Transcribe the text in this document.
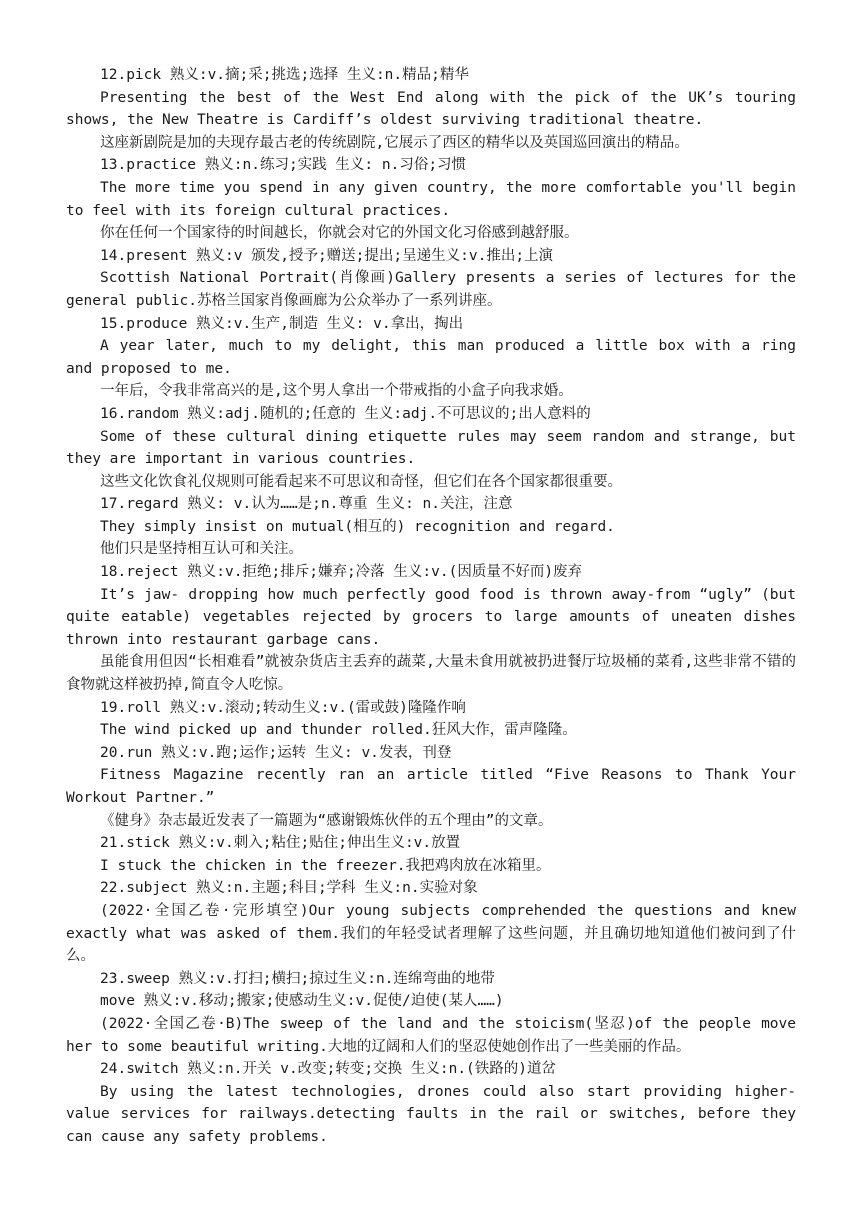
12.pick 熟义:v.摘;采;挑选;选择 生义:n.精品;精华

Presenting the best of the West End along with the pick of the UK’s touring shows, the New Theatre is Cardiff’s oldest surviving traditional theatre.

这座新剧院是加的夫现存最古老的传统剧院,它展示了西区的精华以及英国巡回演出的精品。

13.practice 熟义:n.练习;实践 生义: n.习俗;习惯

The more time you spend in any given country, the more comfortable you'll begin to feel with its foreign cultural practices.

你在任何一个国家待的时间越长，你就会对它的外国文化习俗感到越舒服。

14.present 熟义:v 颁发,授予;赠送;提出;呈递生义:v.推出;上演

Scottish National Portrait(肖像画)Gallery presents a series of lectures for the general public.苏格兰国家肖像画廊为公众举办了一系列讲座。

15.produce 熟义:v.生产,制造 生义: v.拿出，掏出

A year later, much to my delight, this man produced a little box with a ring and proposed to me.

一年后，令我非常高兴的是,这个男人拿出一个带戒指的小盒子向我求婚。

16.random 熟义:adj.随机的;任意的 生义:adj.不可思议的;出人意料的

Some of these cultural dining etiquette rules may seem random and strange, but they are important in various countries.

这些文化饮食礼仪规则可能看起来不可思议和奇怪，但它们在各个国家都很重要。

17.regard 熟义: v.认为……是;n.尊重 生义: n.关注，注意

They simply insist on mutual(相互的) recognition and regard.

他们只是坚持相互认可和关注。

18.reject 熟义:v.拒绝;排斥;嫌弃;冷落 生义:v.(因质量不好而)废弃

It’s jaw- dropping how much perfectly good food is thrown away-from “ugly” (but quite eatable) vegetables rejected by grocers to large amounts of uneaten dishes thrown into restaurant garbage cans.

虽能食用但因“长相难看”就被杂货店主丢弃的蔬菜,大量未食用就被扔进餐厅垃圾桶的菜肴,这些非常不错的食物就这样被扔掉,简直令人吃惊。

19.roll 熟义:v.滚动;转动生义:v.(雷或鼓)隆隆作响

The wind picked up and thunder rolled.狂风大作，雷声隆隆。

20.run 熟义:v.跑;运作;运转 生义: v.发表，刊登

Fitness Magazine recently ran an article titled “Five Reasons to Thank Your Workout Partner.”

《健身》杂志最近发表了一篇题为“感谢锻炼伙伴的五个理由”的文章。

21.stick 熟义:v.刺入;粘住;贴住;伸出生义:v.放置

I stuck the chicken in the freezer.我把鸡肉放在冰箱里。

22.subject 熟义:n.主题;科目;学科 生义:n.实验对象

(2022·全国乙卷·完形填空)Our young subjects comprehended the questions and knew exactly what was asked of them.我们的年轻受试者理解了这些问题，并且确切地知道他们被问到了什么。

23.sweep 熟义:v.打扫;横扫;掠过生义:n.连绵弯曲的地带

move 熟义:v.移动;搬家;使感动生义:v.促使/迫使(某人……)

(2022·全国乙卷·B)The sweep of the land and the stoicism(坚忍)of the people move her to some beautiful writing.大地的辽阔和人们的坚忍使她创作出了一些美丽的作品。

24.switch 熟义:n.开关 v.改变;转变;交换 生义:n.(铁路的)道岔

By using the latest technologies, drones could also start providing higher-value services for railways.detecting faults in the rail or switches, before they can cause any safety problems.
